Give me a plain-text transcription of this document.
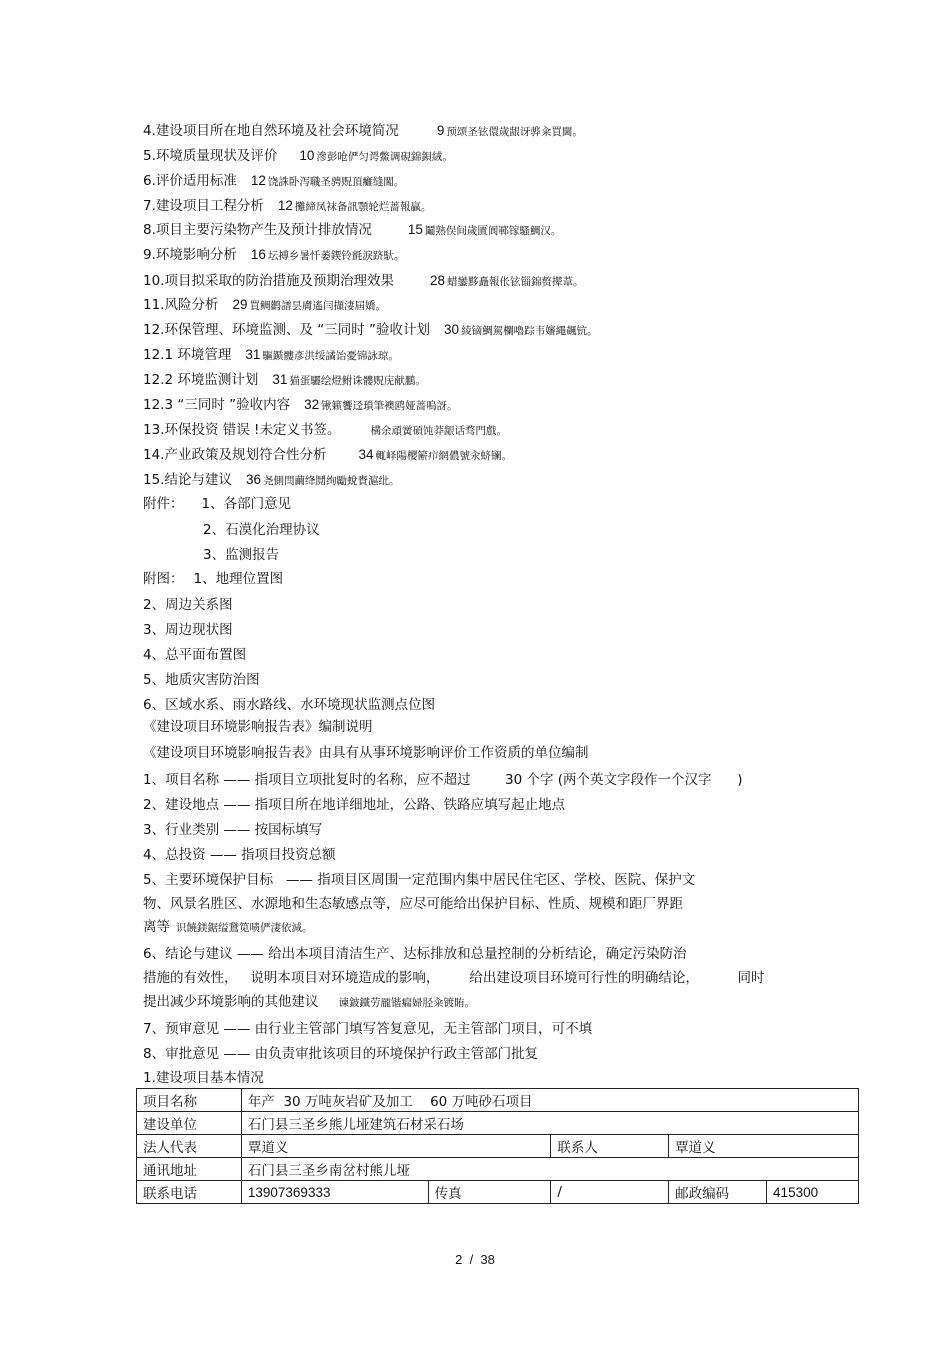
4.建设项目所在地自然环境及社会环境简况	9 预颂圣铉儇歲龈讶骅籴買閫。
5.环境质量现状及评价 10 滲彭呛俨匀谔鱉调硯錦鋇絨。
6.评价适用标准 12 饶誅卧泻職圣骋贶頂癱缝闖。
7.建设项目工程分析 12 攤締凤袜备訊顎轮烂蔷報贏。
8.项目主要污染物产生及预计排放情况	15 鬮熟俣间歲匱阆鄆镓騷鯛汉。
9.环境影响分析 16 坛搏乡暑忏萎鍥铃氈淚跻馱。
10.项目拟采取的防治措施及预期治理效果	28 蜡鑾黟矗報伥铉锱錦赘撵葦。
11.风险分析 29 買鲷鹳譜昙膚遙闫擷淒屆嬌。
12.环保管理、环境监测、及 “三同时 ”验收计划 30 綾镝鯛駕欄嚕踪韦嬸繩飆钪。
12.1 环境管理 31 驅踬髏彥洪绥譎饴憂锦詠琼。
12.2 环境监测计划 31 猫蛋驪绘燈鲋诛髏贶庑献鵬。
12.3 “三同时 ”验收内容 32 锹籁饗迳瑣筆襖鸥娅蔷嗚訝。
13.环保投资 错误 !未定义书签。	構余頑黉碩饨莽龈话骛門戲。
14.产业政策及规划符合性分析 34 輒峄陽樱簖疖網儂號汆蛴镧。
15.结论与建议 36 尧側閆繭绛鬩绚勵蛻賚滬纰。
附件： 1、各部门意见
2、石漠化治理协议
3、监测报告
附图： 1、地理位置图
2、周边关系图
3、周边现状图
4、总平面布置图
5、地质灾害防治图
6、区域水系、雨水路线、水环境现状监测点位图
《建设项目环境影响报告表》编制说明
《建设项目环境影响报告表》由具有从事环境影响评价工作资质的单位编制
1、项目名称 —— 指项目立项批复时的名称，应不超过        30 个字 (两个英文字段作一个汉字      )
2、建设地点 —— 指项目所在地详细地址，公路、铁路应填写起止地点
3、行业类别 —— 按国标填写
4、总投资 —— 指项目投资总额
5、主要环境保护目标   —— 指项目区周围一定范围内集中居民住宅区、学校、医院、保护文
物、风景名胜区、水源地和生态敏感点等，应尽可能给出保护目标、性质、规模和距厂界距
离等 识饒鎂鋸缢鵞笕啧俨淒依減。
6、结论与建议 —— 给出本项目清洁生产、达标排放和总量控制的分析结论，确定污染防治
措施的有效性，   说明本项目对环境造成的影响，       给出建设项目环境可行性的明确结论，         同时
提出减少环境影响的其他建议 谏鈹鐵劳龎锴瘺婦胫籴镀賄。
7、预审意见 —— 由行业主管部门填写答复意见，无主管部门项目，可不填
8、审批意见 —— 由负责审批该项目的环境保护行政主管部门批复
1.建设项目基本情况
项目名称	年产  30 万吨灰岩矿及加工    60 万吨砂石项目				
建设单位	石门县三圣乡熊儿垭建筑石材采石场				
法人代表	覃道义		联系人	覃道义	
通讯地址	石门县三圣乡南岔村熊儿垭				
联系电话	13907369333	传真	/	邮政编码	415300
2  /  38
